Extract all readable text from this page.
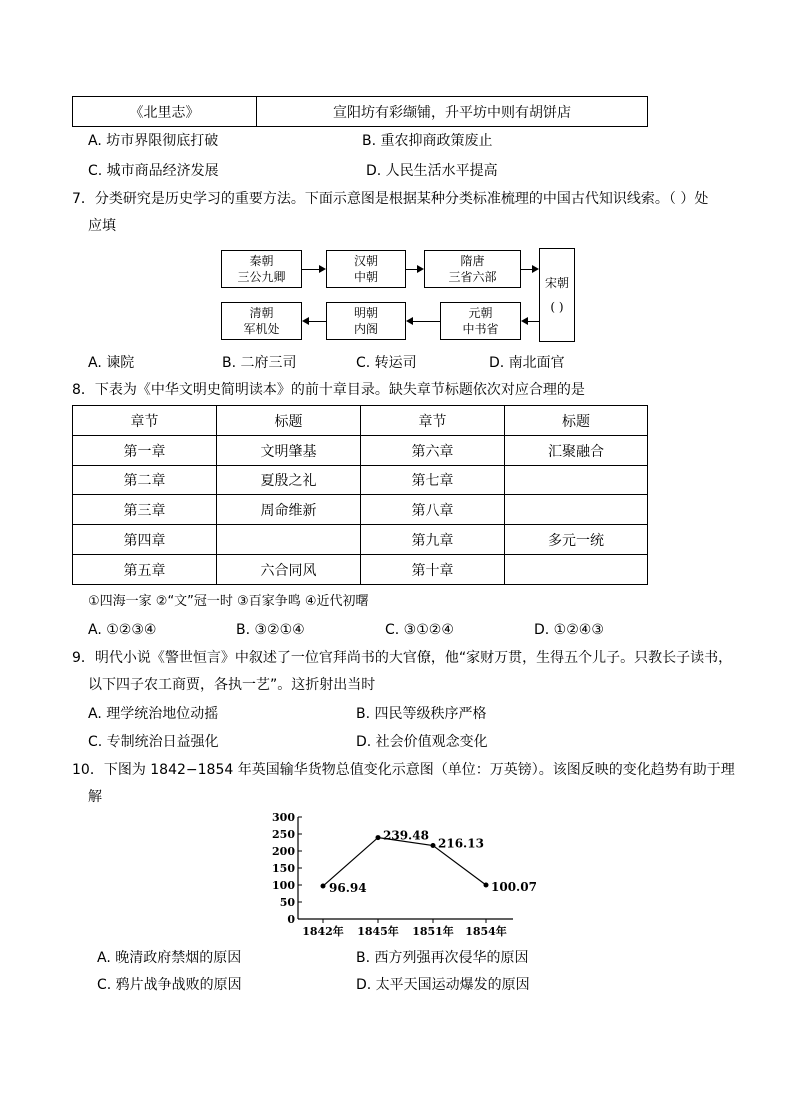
《北里志》	宣阳坊有彩缬铺，升平坊中则有胡饼店
A. 坊市界限彻底打破	B. 重农抑商政策废止
C. 城市商品经济发展	D. 人民生活水平提高
7．分类研究是历史学习的重要方法。下面示意图是根据某种分类标准梳理的中国古代知识线索。（ ）处
应填
秦朝
三公九卿
汉朝
中朝
隋唐
三省六部	宋朝
( )
清朝
军机处
明朝
内阁
元朝
中书省
A. 谏院	B. 二府三司	C. 转运司	D. 南北面官
8．下表为《中华文明史简明读本》的前十章目录。缺失章节标题依次对应合理的是
章节	标题	章节	标题
第一章	文明肇基	第六章	汇聚融合
第二章	夏殷之礼	第七章	
第三章	周命维新	第八章	
第四章		第九章	多元一统
第五章	六合同风	第十章	
①四海一家 ②“文”冠一时 ③百家争鸣 ④近代初曙
A. ①②③④	B. ③②①④	C. ③①②④	D. ①②④③
9．明代小说《警世恒言》中叙述了一位官拜尚书的大官僚，他“家财万贯，生得五个儿子。只教长子读书，
以下四子农工商贾，各执一艺”。这折射出当时
A. 理学统治地位动摇	B. 四民等级秩序严格
C. 专制统治日益强化	D. 社会价值观念变化
10．下图为 1842−1854 年英国输华货物总值变化示意图（单位：万英镑）。该图反映的变化趋势有助于理
解
0
50
100
150
200
250
300
1842年 1845年 1851年 1854年
96.94
239.48
216.13
100.07
A. 晚清政府禁烟的原因	B. 西方列强再次侵华的原因
C. 鸦片战争战败的原因	D. 太平天国运动爆发的原因
